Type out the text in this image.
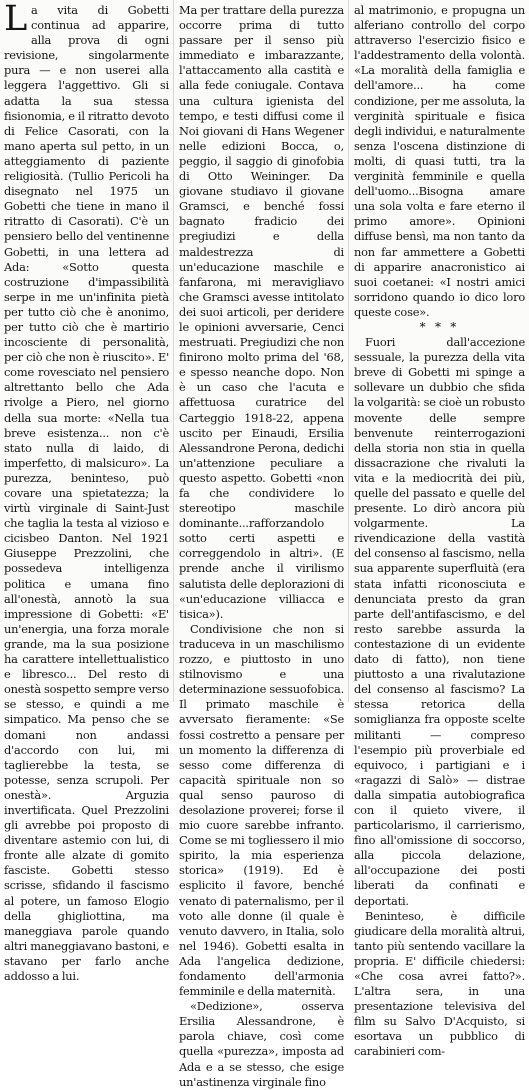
La vita di Gobetti continua ad apparire, alla prova di ogni revisione, singolarmente pura — e non userei alla leggera l'aggettivo. Gli si adatta la sua stessa fisionomia, e il ritratto devoto di Felice Casorati, con la mano aperta sul petto, in un atteggiamento di paziente religiosità. (Tullio Pericoli ha disegnato nel 1975 un Gobetti che tiene in mano il ritratto di Casorati). C'è un pensiero bello del ventinenne Gobetti, in una lettera ad Ada: «Sotto questa costruzione d'impassibilità serpe in me un'infinita pietà per tutto ciò che è anonimo, per tutto ciò che è martirio incosciente di personalità, per ciò che non è riuscito». E' come rovesciato nel pensiero altrettanto bello che Ada rivolge a Piero, nel giorno della sua morte: «Nella tua breve esistenza... non c'è stato nulla di laido, di imperfetto, di malsicuro». La purezza, beninteso, può covare una spietatezza; la virtù virginale di Saint-Just che taglia la testa al vizioso e cicisbeo Danton. Nel 1921 Giuseppe Prezzolini, che possedeva intelligenza politica e umana fino all'onestà, annotò la sua impressione di Gobetti: «E' un'energia, una forza morale grande, ma la sua posizione ha carattere intellettualistico e libresco... Del resto di onestà sospetto sempre verso se stesso, e quindi a me simpatico. Ma penso che se domani non andassi d'accordo con lui, mi taglierebbe la testa, se potesse, senza scrupoli. Per onestà». Arguzia invertificata. Quel Prezzolini gli avrebbe poi proposto di diventare astemio con lui, di fronte alle alzate di gomito fasciste. Gobetti stesso scrisse, sfidando il fascismo al potere, un famoso Elogio della ghigliottina, ma maneggiava parole quando altri maneggiavano bastoni, e stavano per farlo anche addosso a lui.

Ma per trattare della purezza occorre prima di tutto passare per il senso più immediato e imbarazzante, l'attaccamento alla castità e alla fede coniugale. Contava una cultura igienista del tempo, e testi diffusi come il Noi giovani di Hans Wegener nelle edizioni Bocca, o, peggio, il saggio di ginofobia di Otto Weininger. Da giovane studiavo il giovane Gramsci, e benché fossi bagnato fradicio dei pregiudizi e della maldestrezza di un'educazione maschile e fanfarona, mi meravigliavo che Gramsci avesse intitolato dei suoi articoli, per deridere le opinioni avversarie, Cenci mestruati. Pregiudizi che non finirono molto prima del '68, e spesso neanche dopo. Non è un caso che l'acuta e affettuosa curatrice del Carteggio 1918-22, appena uscito per Einaudi, Ersilia Alessandrone Perona, dedichi un'attenzione peculiare a questo aspetto. Gobetti «non fa che condividere lo stereotipo maschile dominante...rafforzandolo sotto certi aspetti e correggendolo in altri». (E prende anche il virilismo salutista delle deplorazioni di «un'educazione villiacca e tisica»).

Condivisione che non si traduceva in un maschilismo rozzo, e piuttosto in uno stilnovismo e una determinazione sessuofobica. Il primato maschile è avversato fieramente: «Se fossi costretto a pensare per un momento la differenza di sesso come differenza di capacità spirituale non so qual senso pauroso di desolazione proverei; forse il mio cuore sarebbe infranto. Come se mi togliessero il mio spirito, la mia esperienza storica» (1919). Ed è esplicito il favore, benché venato di paternalismo, per il voto alle donne (il quale è venuto davvero, in Italia, solo nel 1946). Gobetti esalta in Ada l'angelica dedizione, fondamento dell'armonia femminile e della maternità.

«Dedizione», osserva Ersilia Alessandrone, è parola chiave, così come quella «purezza», imposta ad Ada e a se stesso, che esige un'astinenza virginale fino

al matrimonio, e propugna un alferiano controllo del corpo attraverso l'esercizio fisico e l'addestramento della volontà. «La moralità della famiglia e dell'amore... ha come condizione, per me assoluta, la verginità spirituale e fisica degli individui, e naturalmente senza l'oscena distinzione di molti, di quasi tutti, tra la verginità femminile e quella dell'uomo...Bisogna amare una sola volta e fare eterno il primo amore». Opinioni diffuse bensì, ma non tanto da non far ammettere a Gobetti di apparire anacronistico ai suoi coetanei: «I nostri amici sorridono quando io dico loro queste cose».

* * *

Fuori dall'accezione sessuale, la purezza della vita breve di Gobetti mi spinge a sollevare un dubbio che sfida la volgarità: se cioè un robusto movente delle sempre benvenute reinterrogazioni della storia non stia in quella dissacrazione che rivaluti la vita e la mediocrità dei più, quelle del passato e quelle del presente. Lo dirò ancora più volgarmente. La rivendicazione della vastità del consenso al fascismo, nella sua apparente superfluità (era stata infatti riconosciuta e denunciata presto da gran parte dell'antifascismo, e del resto sarebbe assurda la contestazione di un evidente dato di fatto), non tiene piuttosto a una rivalutazione del consenso al fascismo? La stessa retorica della somiglianza fra opposte scelte militanti — compreso l'esempio più proverbiale ed equivoco, i partigiani e i «ragazzi di Salò» — distrae dalla simpatia autobiografica con il quieto vivere, il particolarismo, il carrierismo, fino all'omissione di soccorso, alla piccola delazione, all'occupazione dei posti liberati da confinati e deportati.

Beninteso, è difficile giudicare della moralità altrui, tanto più sentendo vacillare la propria. E' difficile chiedersi: «Che cosa avrei fatto?». L'altra sera, in una presentazione televisiva del film su Salvo D'Acquisto, si esortava un pubblico di carabinieri com-
